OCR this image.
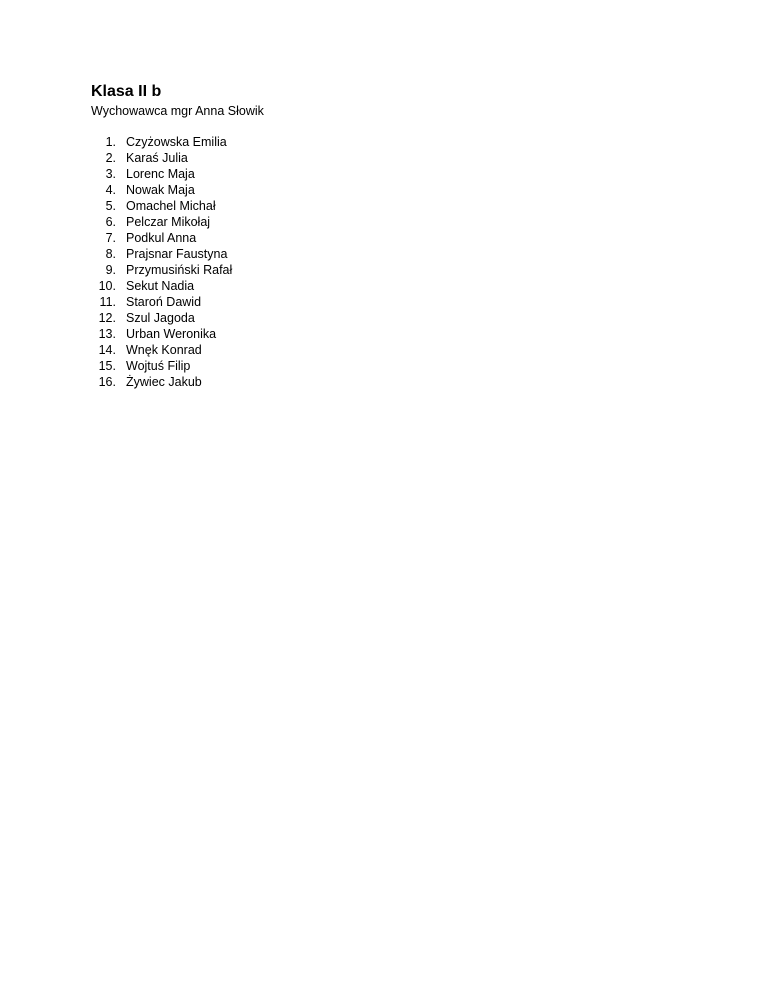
Klasa II b
Wychowawca mgr Anna Słowik
1. Czyżowska Emilia
2. Karaś Julia
3. Lorenc Maja
4. Nowak Maja
5. Omachel Michał
6. Pelczar Mikołaj
7. Podkul Anna
8. Prajsnar Faustyna
9. Przymusiński Rafał
10. Sekut Nadia
11. Staroń Dawid
12. Szul Jagoda
13. Urban Weronika
14. Wnęk Konrad
15. Wojtuś Filip
16. Żywiec Jakub
